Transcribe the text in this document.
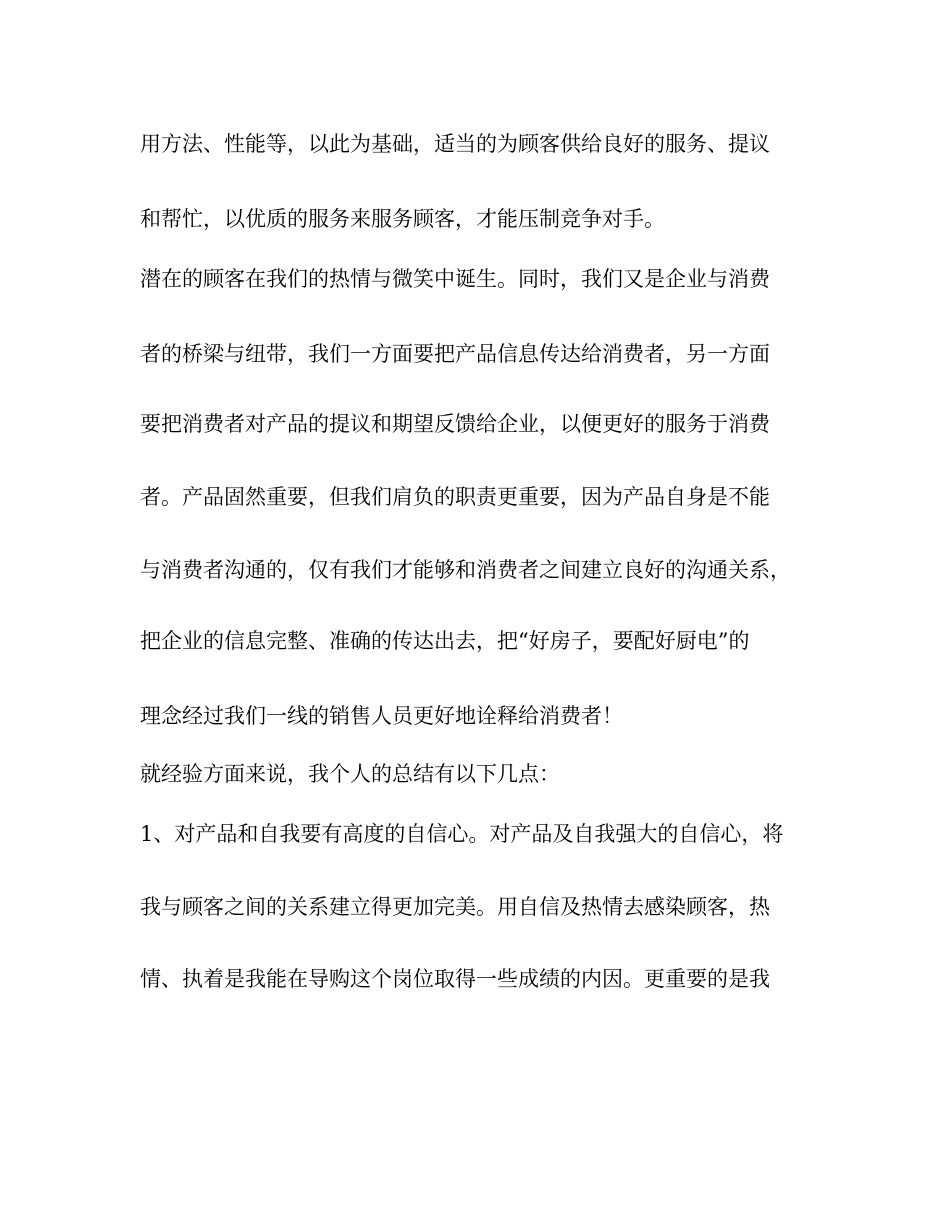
用方法、性能等，以此为基础，适当的为顾客供给良好的服务、提议
和帮忙，以优质的服务来服务顾客，才能压制竞争对手。
潜在的顾客在我们的热情与微笑中诞生。同时，我们又是企业与消费
者的桥梁与纽带，我们一方面要把产品信息传达给消费者，另一方面
要把消费者对产品的提议和期望反馈给企业，以便更好的服务于消费
者。产品固然重要，但我们肩负的职责更重要，因为产品自身是不能
与消费者沟通的，仅有我们才能够和消费者之间建立良好的沟通关系，
把企业的信息完整、准确的传达出去，把“好房子，要配好厨电”的
理念经过我们一线的销售人员更好地诠释给消费者！
就经验方面来说，我个人的总结有以下几点：
1、对产品和自我要有高度的自信心。对产品及自我强大的自信心，将
我与顾客之间的关系建立得更加完美。用自信及热情去感染顾客，热
情、执着是我能在导购这个岗位取得一些成绩的内因。更重要的是我
